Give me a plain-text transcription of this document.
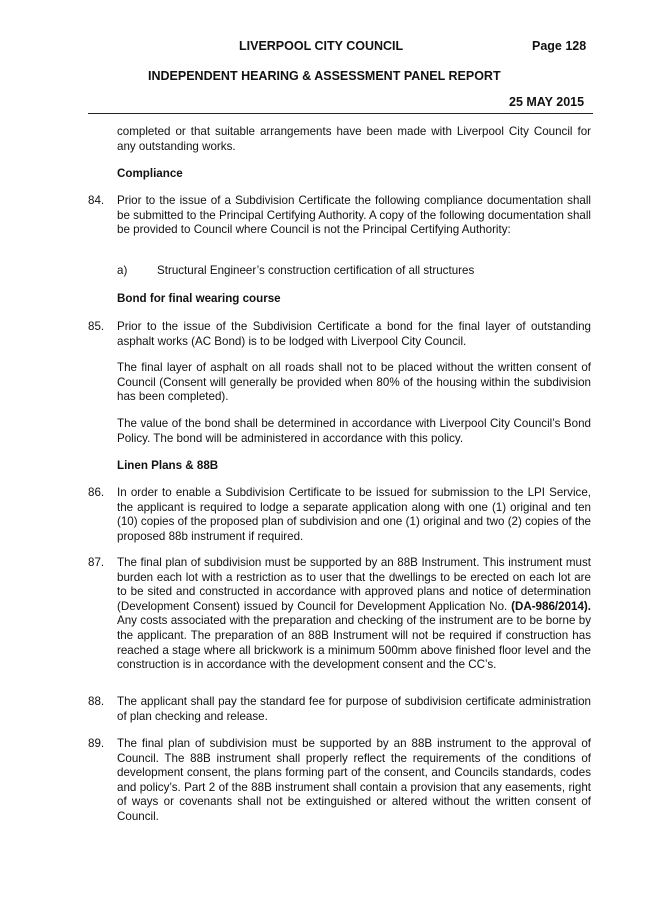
LIVERPOOL CITY COUNCIL	Page 128
INDEPENDENT HEARING & ASSESSMENT PANEL REPORT
25 MAY 2015

completed or that suitable arrangements have been made with Liverpool City Council for any outstanding works.

Compliance
84. Prior to the issue of a Subdivision Certificate the following compliance documentation shall be submitted to the Principal Certifying Authority. A copy of the following documentation shall be provided to Council where Council is not the Principal Certifying Authority:

a)	Structural Engineer’s construction certification of all structures
Bond for final wearing course
85. Prior to the issue of the Subdivision Certificate a bond for the final layer of outstanding asphalt works (AC Bond) is to be lodged with Liverpool City Council.

The final layer of asphalt on all roads shall not to be placed without the written consent of Council (Consent will generally be provided when 80% of the housing within the subdivision has been completed).

The value of the bond shall be determined in accordance with Liverpool City Council’s Bond Policy. The bond will be administered in accordance with this policy.

Linen Plans & 88B
86. In order to enable a Subdivision Certificate to be issued for submission to the LPI Service, the applicant is required to lodge a separate application along with one (1) original and ten (10) copies of the proposed plan of subdivision and one (1) original and two (2) copies of the proposed 88b instrument if required.

87. The final plan of subdivision must be supported by an 88B Instrument. This instrument must burden each lot with a restriction as to user that the dwellings to be erected on each lot are to be sited and constructed in accordance with approved plans and notice of determination (Development Consent) issued by Council for Development Application No. (DA-986/2014). Any costs associated with the preparation and checking of the instrument are to be borne by the applicant. The preparation of an 88B Instrument will not be required if construction has reached a stage where all brickwork is a minimum 500mm above finished floor level and the construction is in accordance with the development consent and the CC’s.

88. The applicant shall pay the standard fee for purpose of subdivision certificate administration of plan checking and release.

89. The final plan of subdivision must be supported by an 88B instrument to the approval of Council. The 88B instrument shall properly reflect the requirements of the conditions of development consent, the plans forming part of the consent, and Councils standards, codes and policy’s. Part 2 of the 88B instrument shall contain a provision that any easements, right of ways or covenants shall not be extinguished or altered without the written consent of Council.
